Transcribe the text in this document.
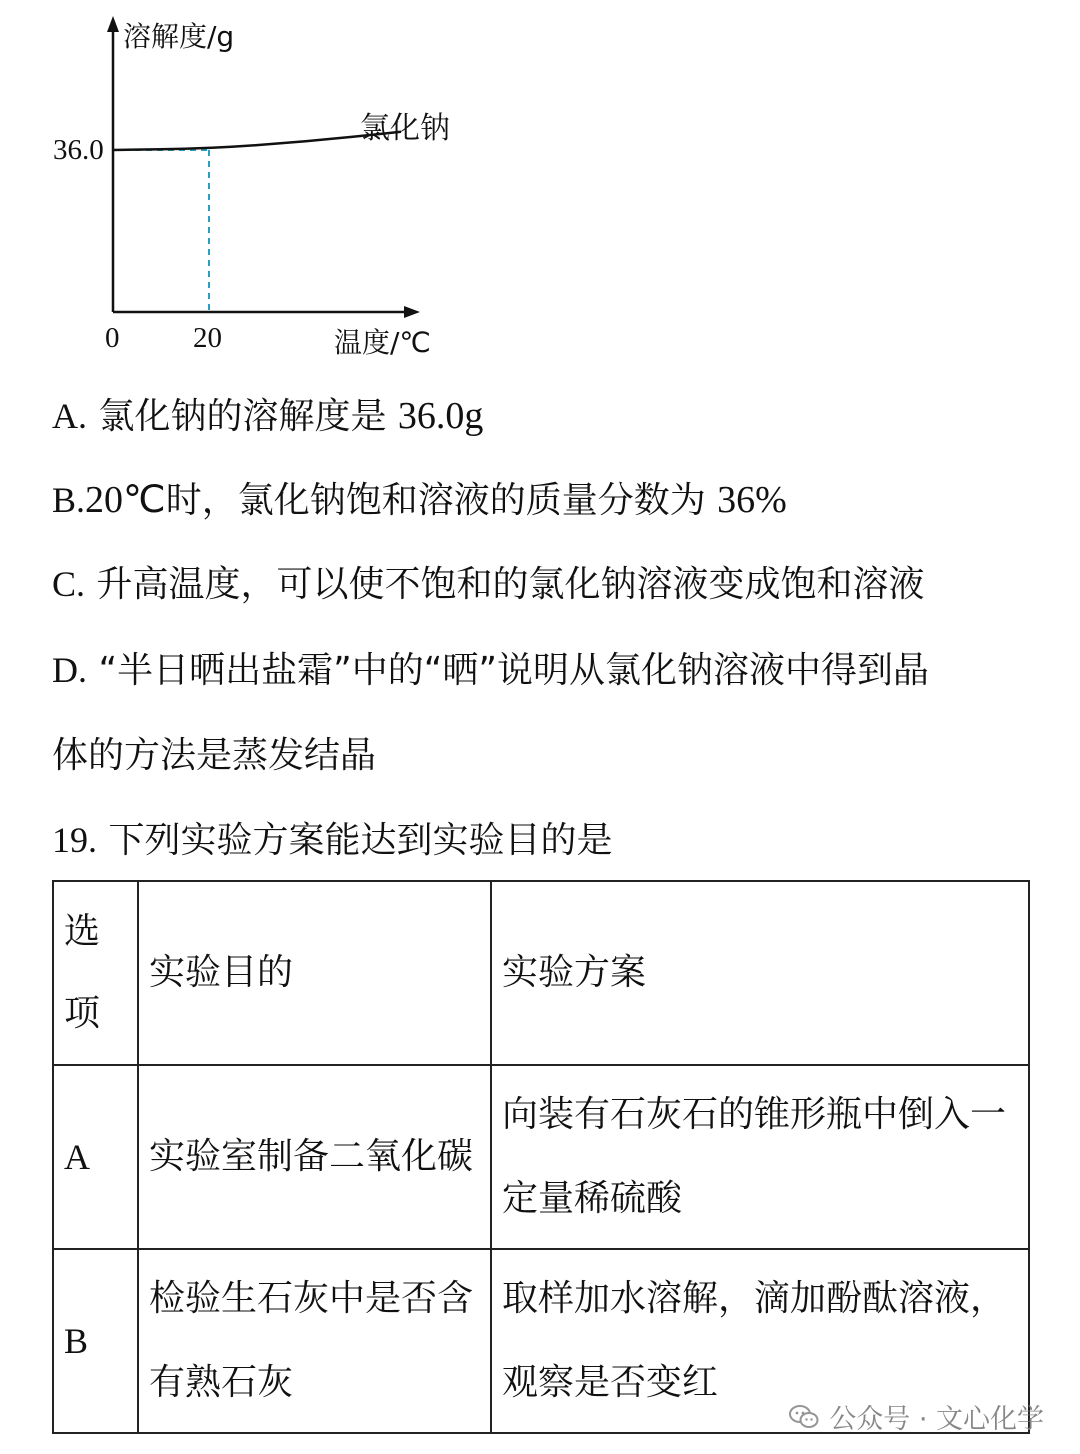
溶解度/g
温度/℃
氯化钠
36.0
0	20
A. 氯化钠的溶解度是 36.0g
B.20℃时，氯化钠饱和溶液的质量分数为 36%
C. 升高温度，可以使不饱和的氯化钠溶液变成饱和溶液
D. “半日晒出盐霜”中的“晒”说明从氯化钠溶液中得到晶
体的方法是蒸发结晶
19. 下列实验方案能达到实验目的是
选项	实验目的	实验方案
A	实验室制备二氧化碳	向装有石灰石的锥形瓶中倒入一定量稀硫酸
B	检验生石灰中是否含有熟石灰	取样加水溶解，滴加酚酞溶液，观察是否变红
公众号 · 文心化学
